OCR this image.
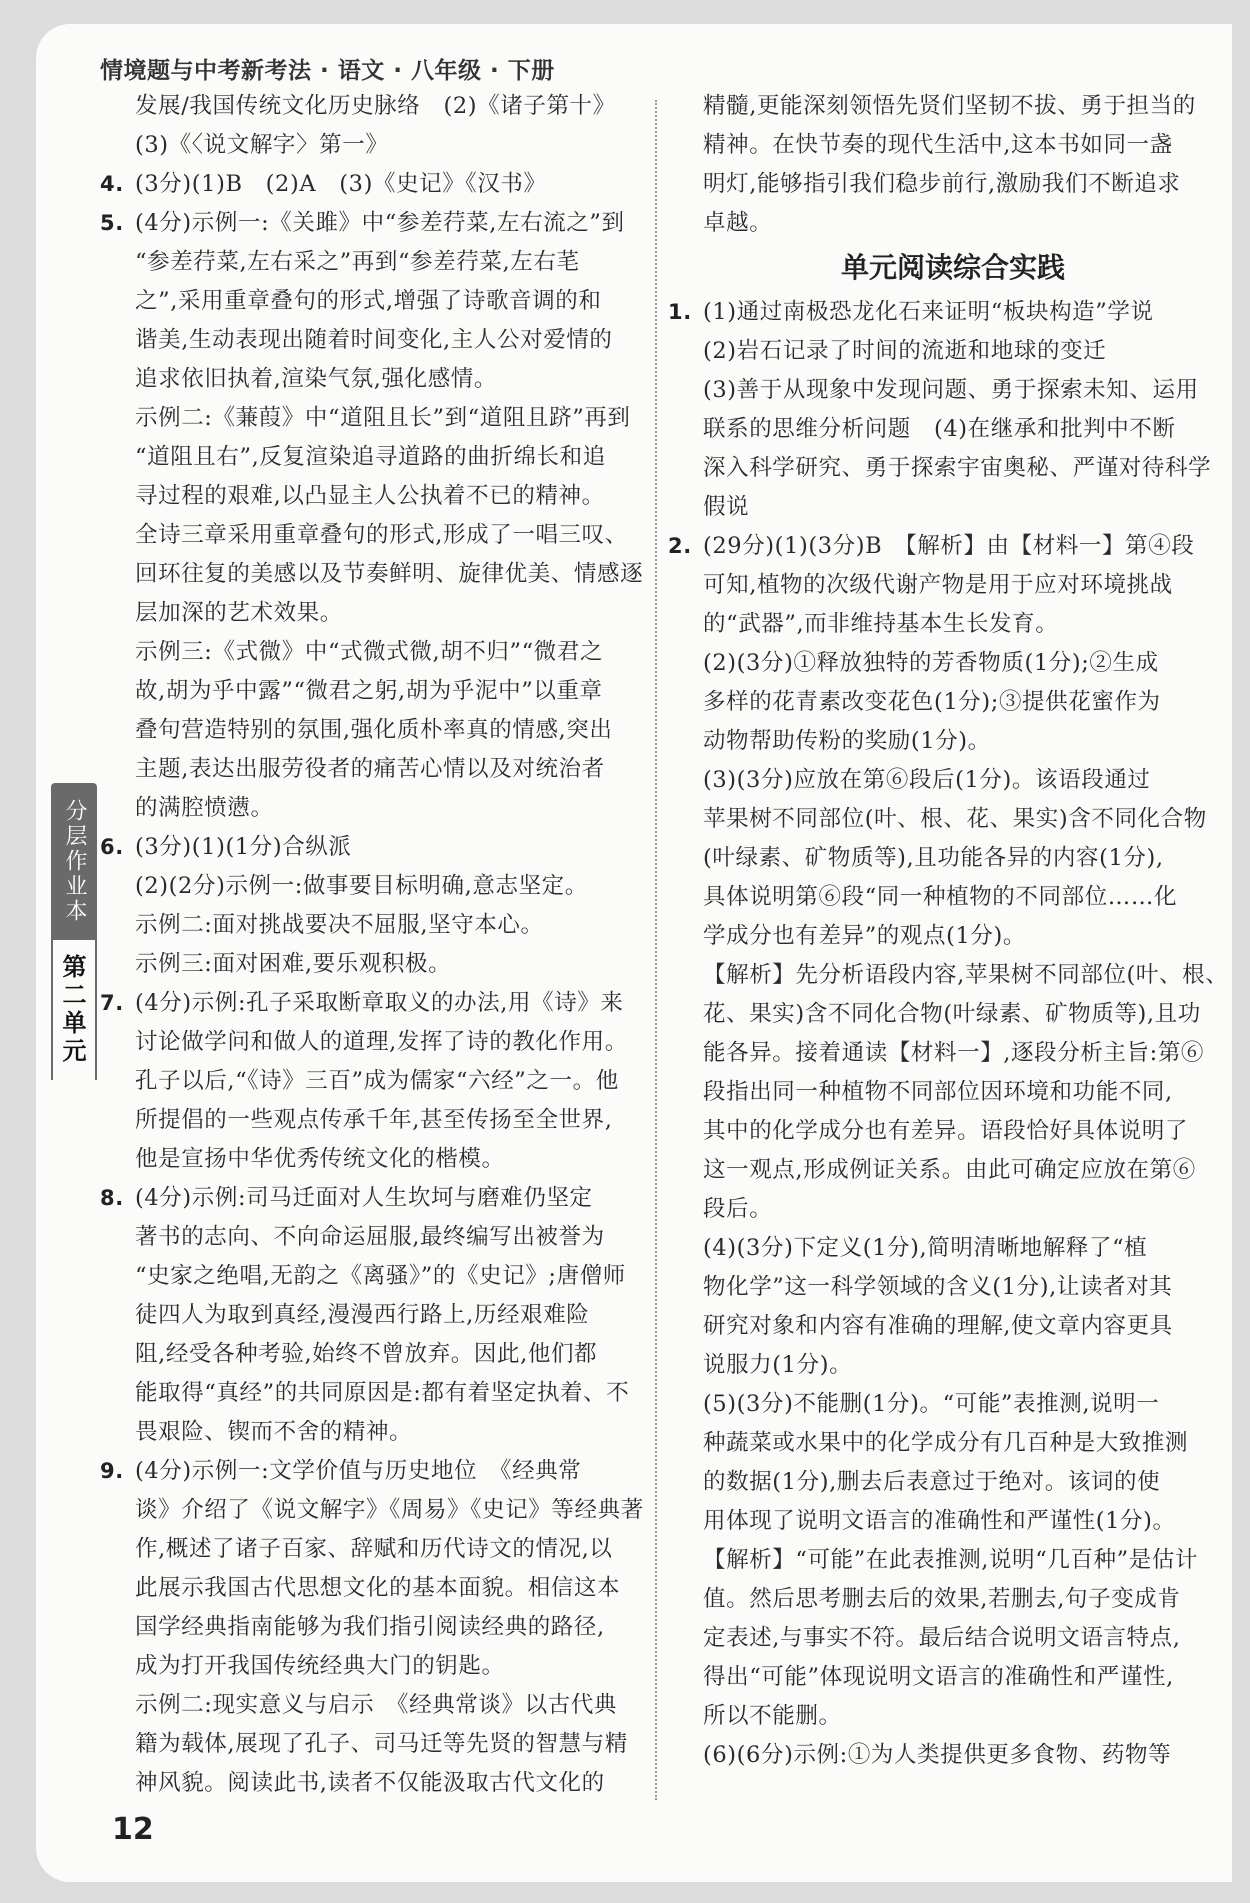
情境题与中考新考法 · 语文 · 八年级 · 下册
发展/我国传统文化历史脉络　(2)《诸子第十》
(3)《〈说文解字〉第一》
4. (3分)(1)B　(2)A　(3)《史记》《汉书》
5. (4分)示例一:《关雎》中“参差荇菜,左右流之”到
“参差荇菜,左右采之”再到“参差荇菜,左右芼
之”,采用重章叠句的形式,增强了诗歌音调的和
谐美,生动表现出随着时间变化,主人公对爱情的
追求依旧执着,渲染气氛,强化感情。
示例二:《蒹葭》中“道阻且长”到“道阻且跻”再到
“道阻且右”,反复渲染追寻道路的曲折绵长和追
寻过程的艰难,以凸显主人公执着不已的精神。
全诗三章采用重章叠句的形式,形成了一唱三叹、
回环往复的美感以及节奏鲜明、旋律优美、情感逐
层加深的艺术效果。
示例三:《式微》中“式微式微,胡不归”“微君之
故,胡为乎中露”“微君之躬,胡为乎泥中”以重章
叠句营造特别的氛围,强化质朴率真的情感,突出
主题,表达出服劳役者的痛苦心情以及对统治者
的满腔愤懑。
6. (3分)(1)(1分)合纵派
(2)(2分)示例一:做事要目标明确,意志坚定。
示例二:面对挑战要决不屈服,坚守本心。
示例三:面对困难,要乐观积极。
7. (4分)示例:孔子采取断章取义的办法,用《诗》来
讨论做学问和做人的道理,发挥了诗的教化作用。
孔子以后,“《诗》三百”成为儒家“六经”之一。他
所提倡的一些观点传承千年,甚至传扬至全世界,
他是宣扬中华优秀传统文化的楷模。
8. (4分)示例:司马迁面对人生坎坷与磨难仍坚定
著书的志向、不向命运屈服,最终编写出被誉为
“史家之绝唱,无韵之《离骚》”的《史记》;唐僧师
徒四人为取到真经,漫漫西行路上,历经艰难险
阻,经受各种考验,始终不曾放弃。因此,他们都
能取得“真经”的共同原因是:都有着坚定执着、不
畏艰险、锲而不舍的精神。
9. (4分)示例一:文学价值与历史地位　《经典常
谈》介绍了《说文解字》《周易》《史记》等经典著
作,概述了诸子百家、辞赋和历代诗文的情况,以
此展示我国古代思想文化的基本面貌。相信这本
国学经典指南能够为我们指引阅读经典的路径,
成为打开我国传统经典大门的钥匙。
示例二:现实意义与启示　《经典常谈》以古代典
籍为载体,展现了孔子、司马迁等先贤的智慧与精
神风貌。阅读此书,读者不仅能汲取古代文化的
精髓,更能深刻领悟先贤们坚韧不拔、勇于担当的
精神。在快节奏的现代生活中,这本书如同一盏
明灯,能够指引我们稳步前行,激励我们不断追求
卓越。
单元阅读综合实践
1. (1)通过南极恐龙化石来证明“板块构造”学说
(2)岩石记录了时间的流逝和地球的变迁
(3)善于从现象中发现问题、勇于探索未知、运用
联系的思维分析问题　(4)在继承和批判中不断
深入科学研究、勇于探索宇宙奥秘、严谨对待科学
假说
2. (29分)(1)(3分)B　【解析】由【材料一】第④段
可知,植物的次级代谢产物是用于应对环境挑战
的“武器”,而非维持基本生长发育。
(2)(3分)①释放独特的芳香物质(1分);②生成
多样的花青素改变花色(1分);③提供花蜜作为
动物帮助传粉的奖励(1分)。
(3)(3分)应放在第⑥段后(1分)。该语段通过
苹果树不同部位(叶、根、花、果实)含不同化合物
(叶绿素、矿物质等),且功能各异的内容(1分),
具体说明第⑥段“同一种植物的不同部位……化
学成分也有差异”的观点(1分)。
【解析】先分析语段内容,苹果树不同部位(叶、根、
花、果实)含不同化合物(叶绿素、矿物质等),且功
能各异。接着通读【材料一】,逐段分析主旨:第⑥
段指出同一种植物不同部位因环境和功能不同,
其中的化学成分也有差异。语段恰好具体说明了
这一观点,形成例证关系。由此可确定应放在第⑥
段后。
(4)(3分)下定义(1分),简明清晰地解释了“植
物化学”这一科学领域的含义(1分),让读者对其
研究对象和内容有准确的理解,使文章内容更具
说服力(1分)。
(5)(3分)不能删(1分)。“可能”表推测,说明一
种蔬菜或水果中的化学成分有几百种是大致推测
的数据(1分),删去后表意过于绝对。该词的使
用体现了说明文语言的准确性和严谨性(1分)。
【解析】“可能”在此表推测,说明“几百种”是估计
值。然后思考删去后的效果,若删去,句子变成肯
定表述,与事实不符。最后结合说明文语言特点,
得出“可能”体现说明文语言的准确性和严谨性,
所以不能删。
(6)(6分)示例:①为人类提供更多食物、药物等
分层作业本
第二单元
12
